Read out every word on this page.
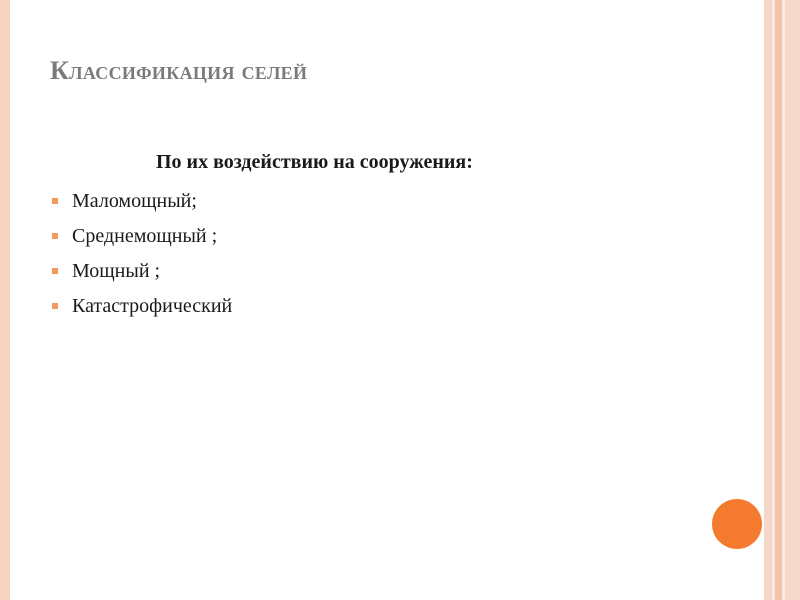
Классификация селей

По их воздействию на сооружения:

Маломощный;
Среднемощный ;
Мощный ;
Катастрофический
